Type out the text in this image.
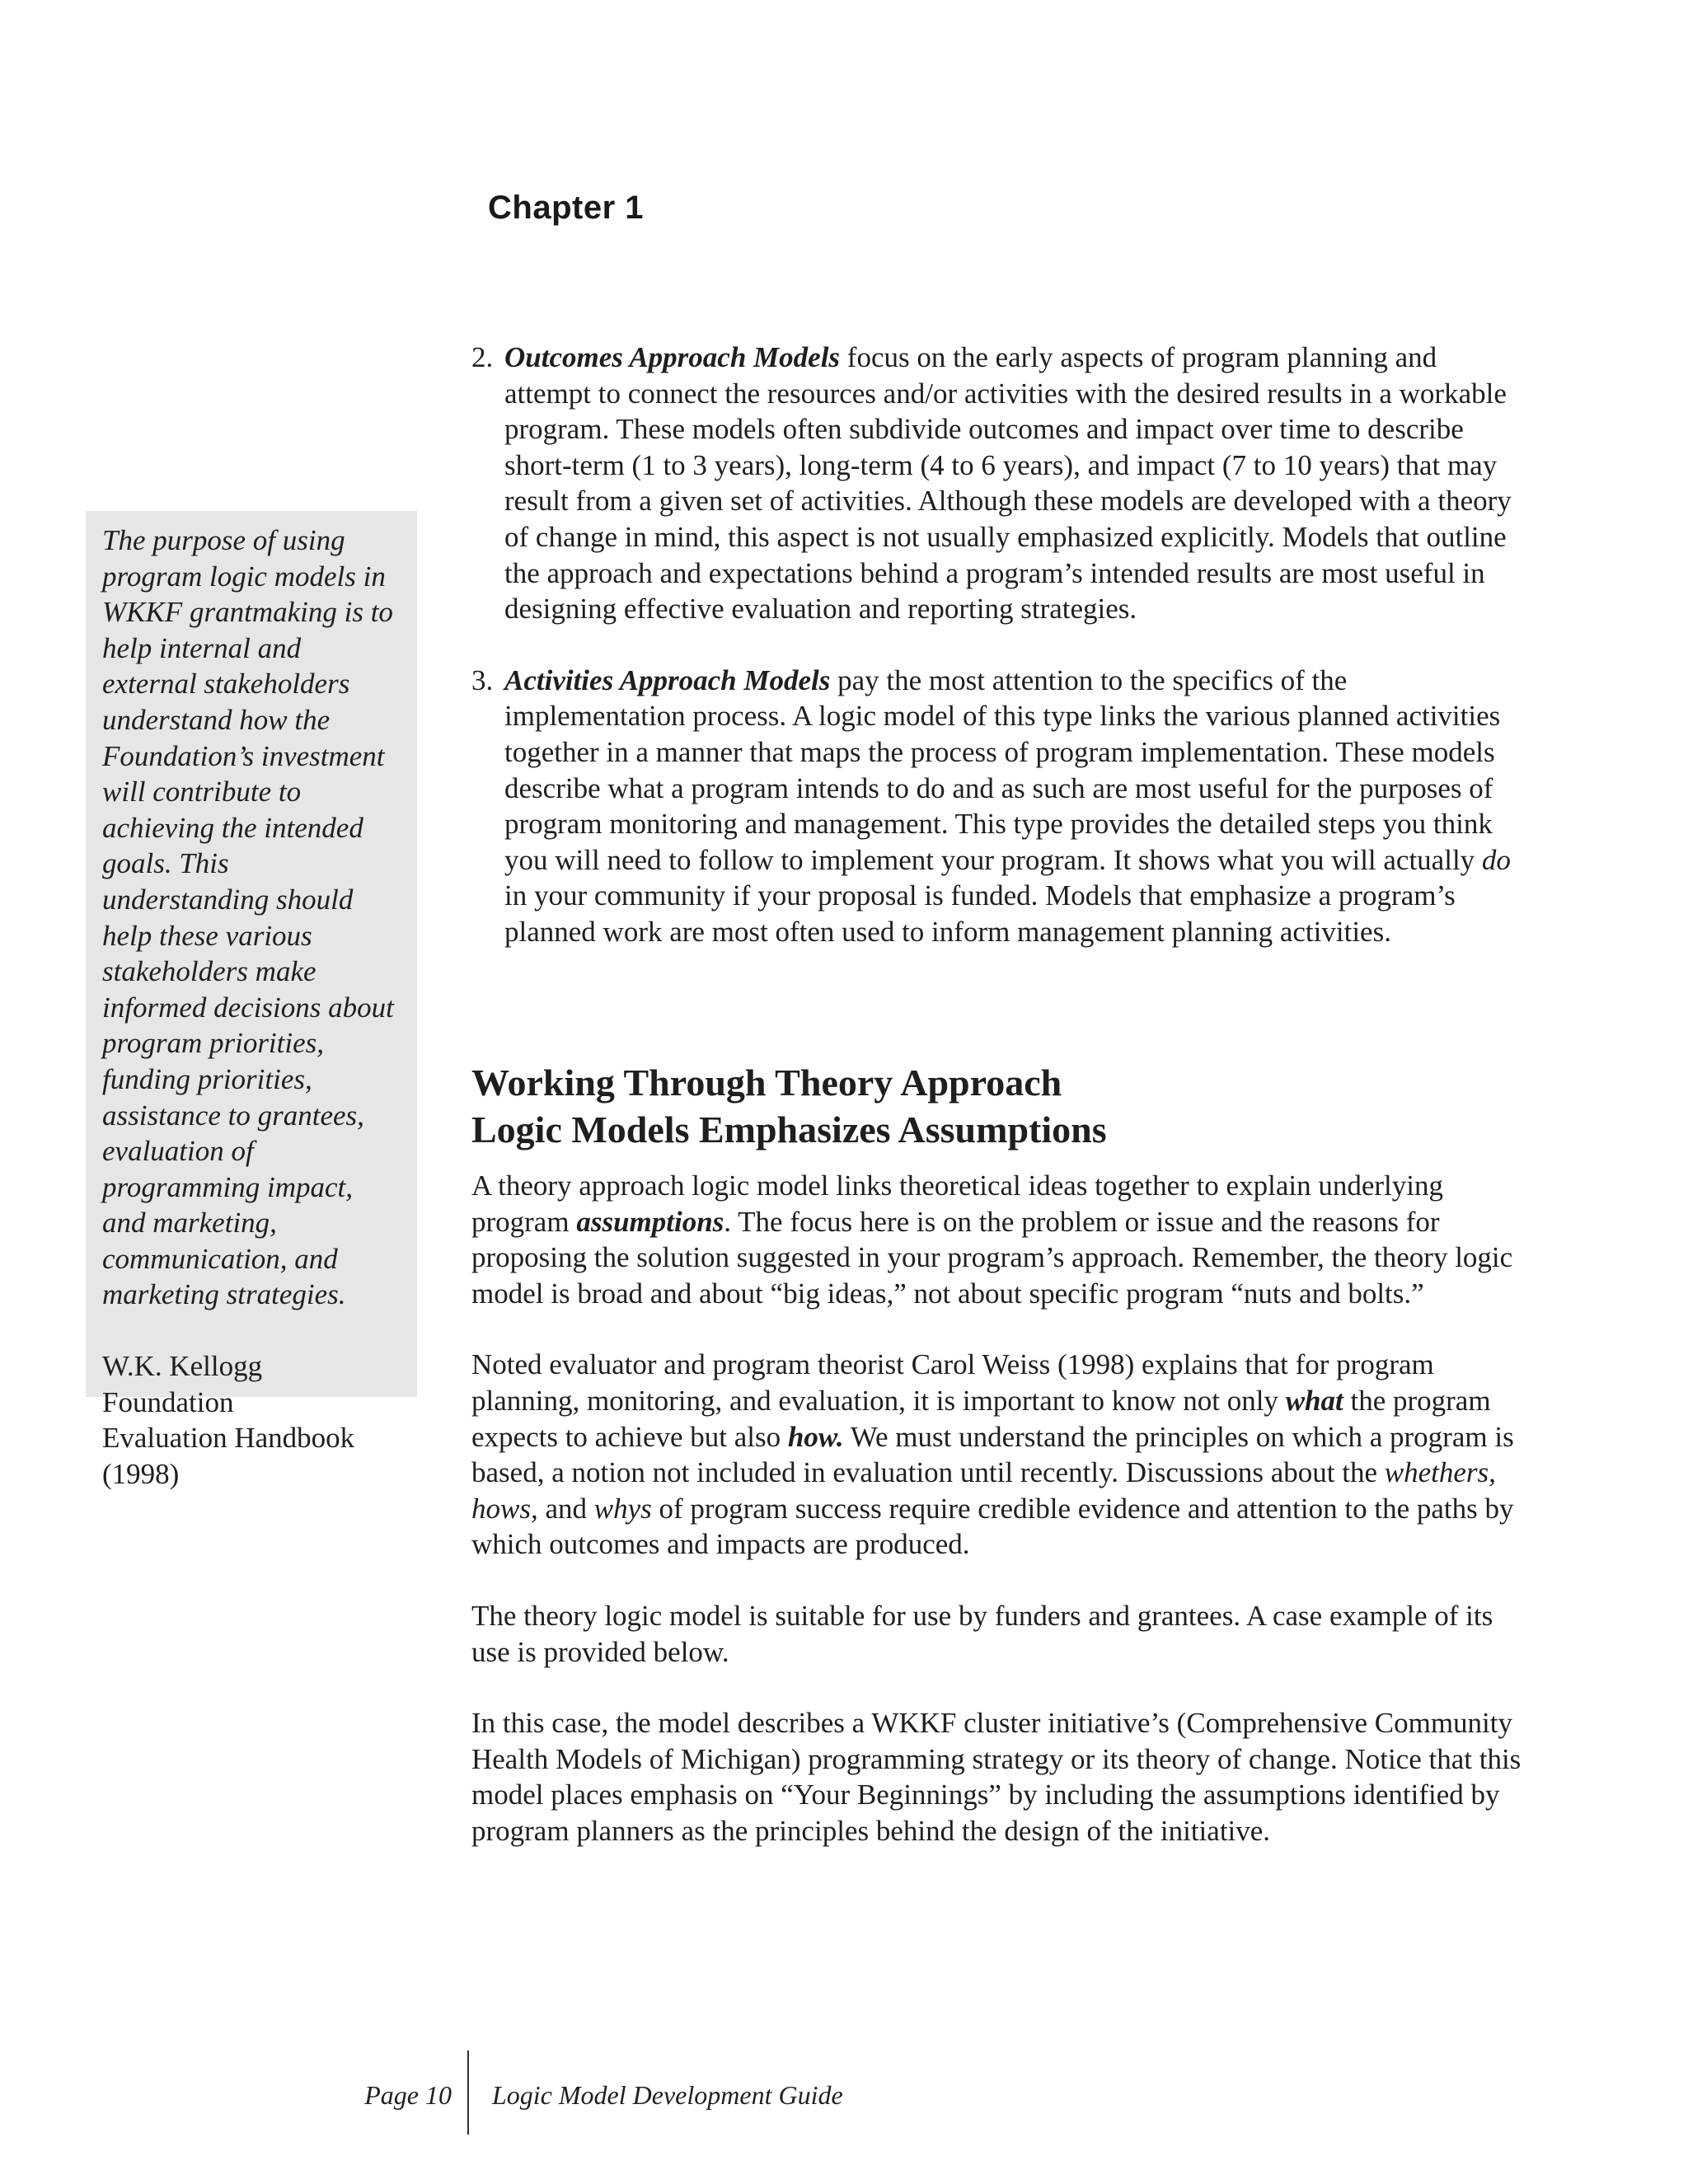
Chapter 1

The purpose of using program logic models in WKKF grantmaking is to help internal and external stakeholders understand how the Foundation’s investment will contribute to achieving the intended goals. This understanding should help these various stakeholders make informed decisions about program priorities, funding priorities, assistance to grantees, evaluation of programming impact, and marketing, communication, and marketing strategies.

W.K. Kellogg
Foundation
Evaluation Handbook
(1998)

2. Outcomes Approach Models focus on the early aspects of program planning and attempt to connect the resources and/or activities with the desired results in a workable program. These models often subdivide outcomes and impact over time to describe short-term (1 to 3 years), long-term (4 to 6 years), and impact (7 to 10 years) that may result from a given set of activities. Although these models are developed with a theory of change in mind, this aspect is not usually emphasized explicitly. Models that outline the approach and expectations behind a program’s intended results are most useful in designing effective evaluation and reporting strategies.

3. Activities Approach Models pay the most attention to the specifics of the implementation process. A logic model of this type links the various planned activities together in a manner that maps the process of program implementation. These models describe what a program intends to do and as such are most useful for the purposes of program monitoring and management. This type provides the detailed steps you think you will need to follow to implement your program. It shows what you will actually do in your community if your proposal is funded. Models that emphasize a program’s planned work are most often used to inform management planning activities.

Working Through Theory Approach
Logic Models Emphasizes Assumptions

A theory approach logic model links theoretical ideas together to explain underlying program assumptions. The focus here is on the problem or issue and the reasons for proposing the solution suggested in your program’s approach. Remember, the theory logic model is broad and about “big ideas,” not about specific program “nuts and bolts.”

Noted evaluator and program theorist Carol Weiss (1998) explains that for program planning, monitoring, and evaluation, it is important to know not only what the program expects to achieve but also how. We must understand the principles on which a program is based, a notion not included in evaluation until recently. Discussions about the whethers, hows, and whys of program success require credible evidence and attention to the paths by which outcomes and impacts are produced.

The theory logic model is suitable for use by funders and grantees. A case example of its use is provided below.

In this case, the model describes a WKKF cluster initiative’s (Comprehensive Community Health Models of Michigan) programming strategy or its theory of change. Notice that this model places emphasis on “Your Beginnings” by including the assumptions identified by program planners as the principles behind the design of the initiative.

Page 10 Logic Model Development Guide
